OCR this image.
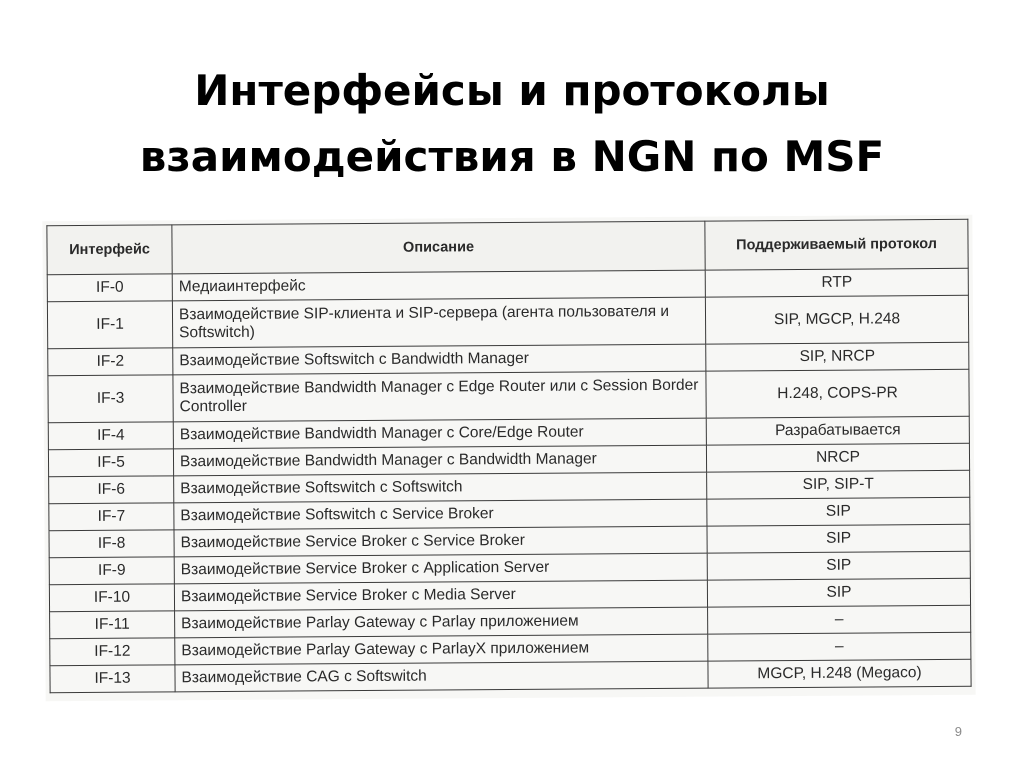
Интерфейсы и протоколы
взаимодействия в NGN по MSF
Интерфейс	Описание	Поддерживаемый протокол
IF-0	Медиаинтерфейс	RTP
IF-1	Взаимодействие SIP-клиента и SIP-сервера (агента пользователя и Softswitch)	SIP, MGCP, H.248
IF-2	Взаимодействие Softswitch с Bandwidth Manager	SIP, NRCP
IF-3	Взаимодействие Bandwidth Manager с Edge Router или с Session Border Controller	H.248, COPS-PR
IF-4	Взаимодействие Bandwidth Manager с Core/Edge Router	Разрабатывается
IF-5	Взаимодействие Bandwidth Manager с Bandwidth Manager	NRCP
IF-6	Взаимодействие Softswitch с Softswitch	SIP, SIP-T
IF-7	Взаимодействие Softswitch с Service Broker	SIP
IF-8	Взаимодействие Service Broker с Service Broker	SIP
IF-9	Взаимодействие Service Broker с Application Server	SIP
IF-10	Взаимодействие Service Broker с Media Server	SIP
IF-11	Взаимодействие Parlay Gateway с Parlay приложением	–
IF-12	Взаимодействие Parlay Gateway с ParlayX приложением	–
IF-13	Взаимодействие CAG с Softswitch	MGCP, H.248 (Megaco)
9
